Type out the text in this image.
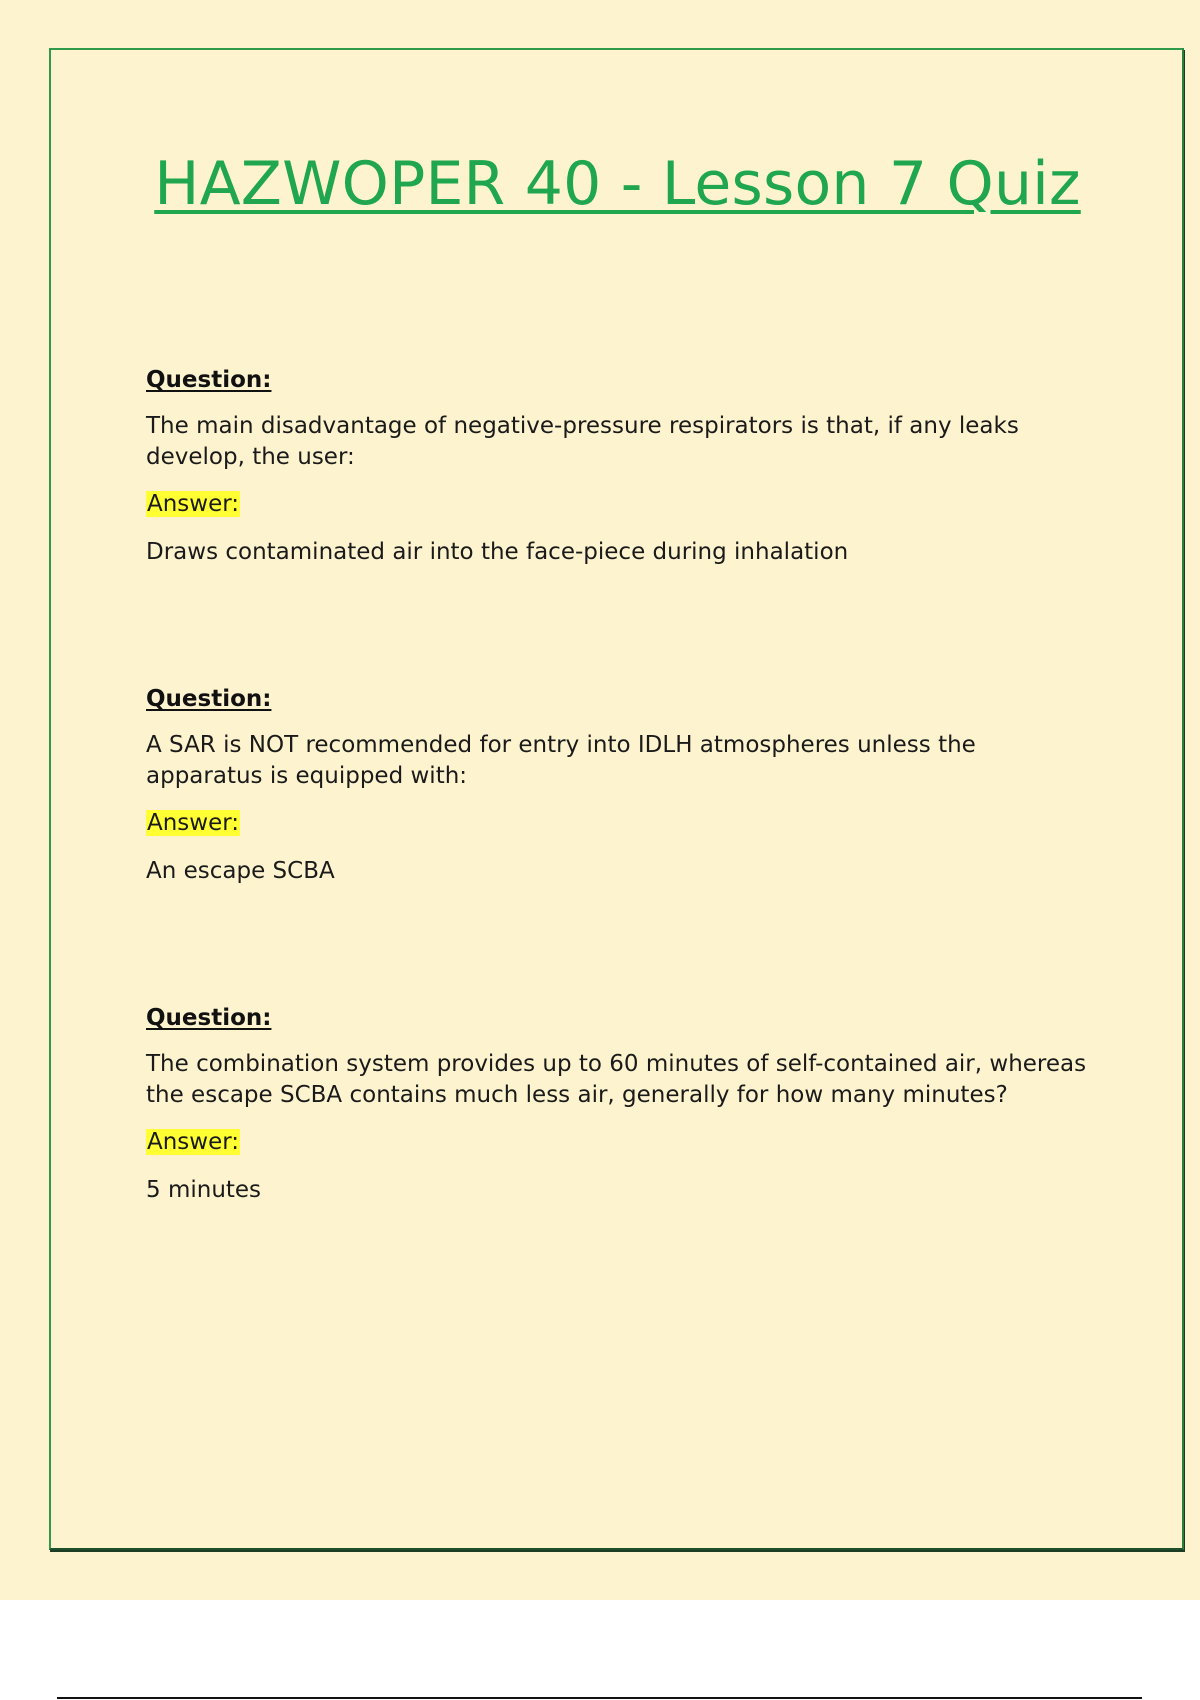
HAZWOPER 40 - Lesson 7 Quiz

Question:

The main disadvantage of negative-pressure respirators is that, if any leaks develop, the user:

Answer:

Draws contaminated air into the face-piece during inhalation

Question:

A SAR is NOT recommended for entry into IDLH atmospheres unless the apparatus is equipped with:

Answer:

An escape SCBA

Question:

The combination system provides up to 60 minutes of self-contained air, whereas the escape SCBA contains much less air, generally for how many minutes?

Answer:

5 minutes
